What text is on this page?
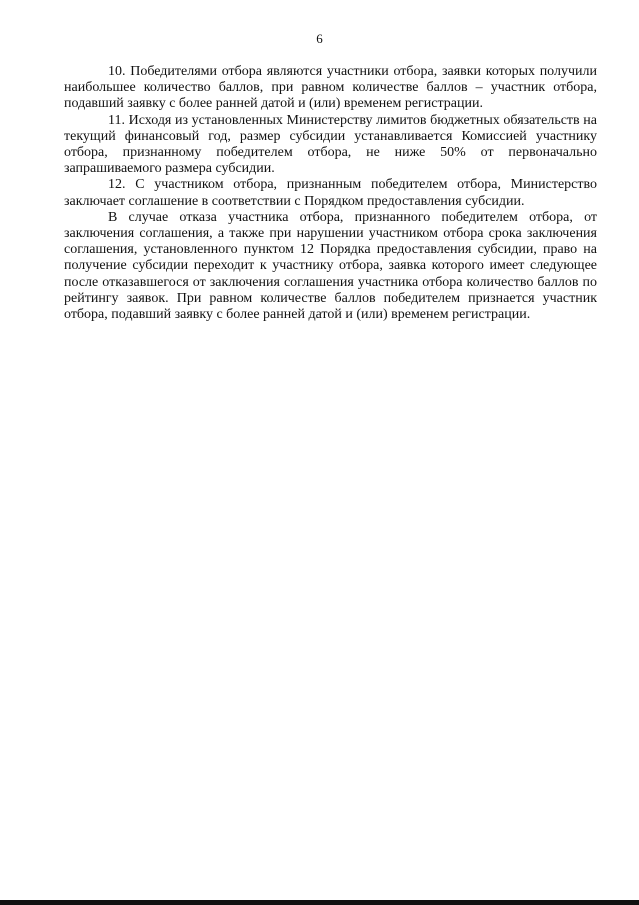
6

10. Победителями отбора являются участники отбора, заявки которых получили наибольшее количество баллов, при равном количестве баллов – участник отбора, подавший заявку с более ранней датой и (или) временем регистрации.

11. Исходя из установленных Министерству лимитов бюджетных обязательств на текущий финансовый год, размер субсидии устанавливается Комиссией участнику отбора, признанному победителем отбора, не ниже 50% от первоначально запрашиваемого размера субсидии.

12. С участником отбора, признанным победителем отбора, Министерство заключает соглашение в соответствии с Порядком предоставления субсидии.

В случае отказа участника отбора, признанного победителем отбора, от заключения соглашения, а также при нарушении участником отбора срока заключения соглашения, установленного пунктом 12 Порядка предоставления субсидии, право на получение субсидии переходит к участнику отбора, заявка которого имеет следующее после отказавшегося от заключения соглашения участника отбора количество баллов по рейтингу заявок. При равном количестве баллов победителем признается участник отбора, подавший заявку с более ранней датой и (или) временем регистрации.
